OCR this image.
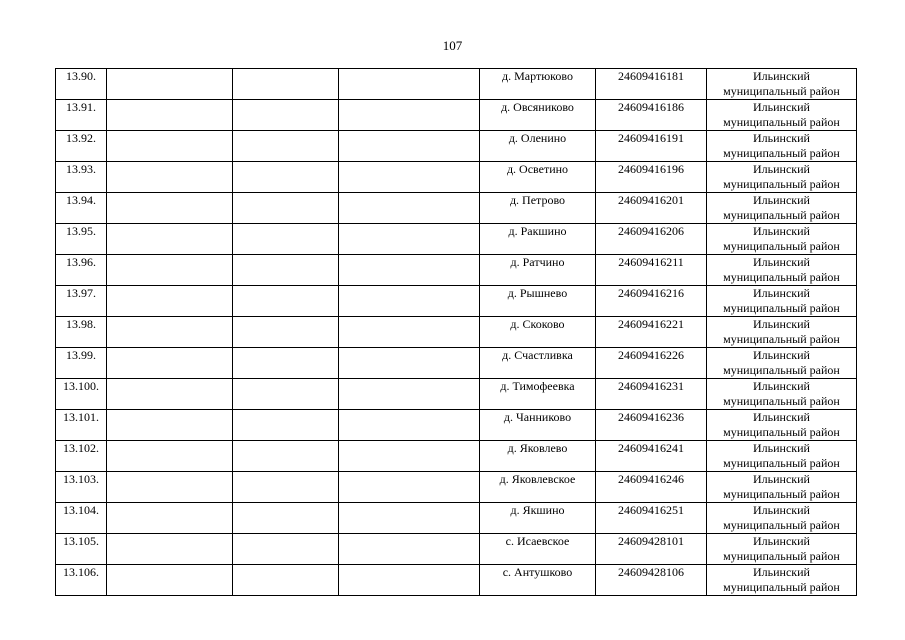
107
13.90.				д. Мартюково	24609416181	Ильинский
муниципальный район

13.91.				д. Овсяниково	24609416186	Ильинский
муниципальный район

13.92.				д. Оленино	24609416191	Ильинский
муниципальный район

13.93.				д. Осветино	24609416196	Ильинский
муниципальный район

13.94.				д. Петрово	24609416201	Ильинский
муниципальный район

13.95.				д. Ракшино	24609416206	Ильинский
муниципальный район

13.96.				д. Ратчино	24609416211	Ильинский
муниципальный район

13.97.				д. Рышнево	24609416216	Ильинский
муниципальный район

13.98.				д. Скоково	24609416221	Ильинский
муниципальный район

13.99.				д. Счастливка	24609416226	Ильинский
муниципальный район

13.100.				д. Тимофеевка	24609416231	Ильинский
муниципальный район

13.101.				д. Чанниково	24609416236	Ильинский
муниципальный район

13.102.				д. Яковлево	24609416241	Ильинский
муниципальный район

13.103.				д. Яковлевское	24609416246	Ильинский
муниципальный район

13.104.				д. Якшино	24609416251	Ильинский
муниципальный район

13.105.				с. Исаевское	24609428101	Ильинский
муниципальный район

13.106.				с. Антушково	24609428106	Ильинский
муниципальный район
